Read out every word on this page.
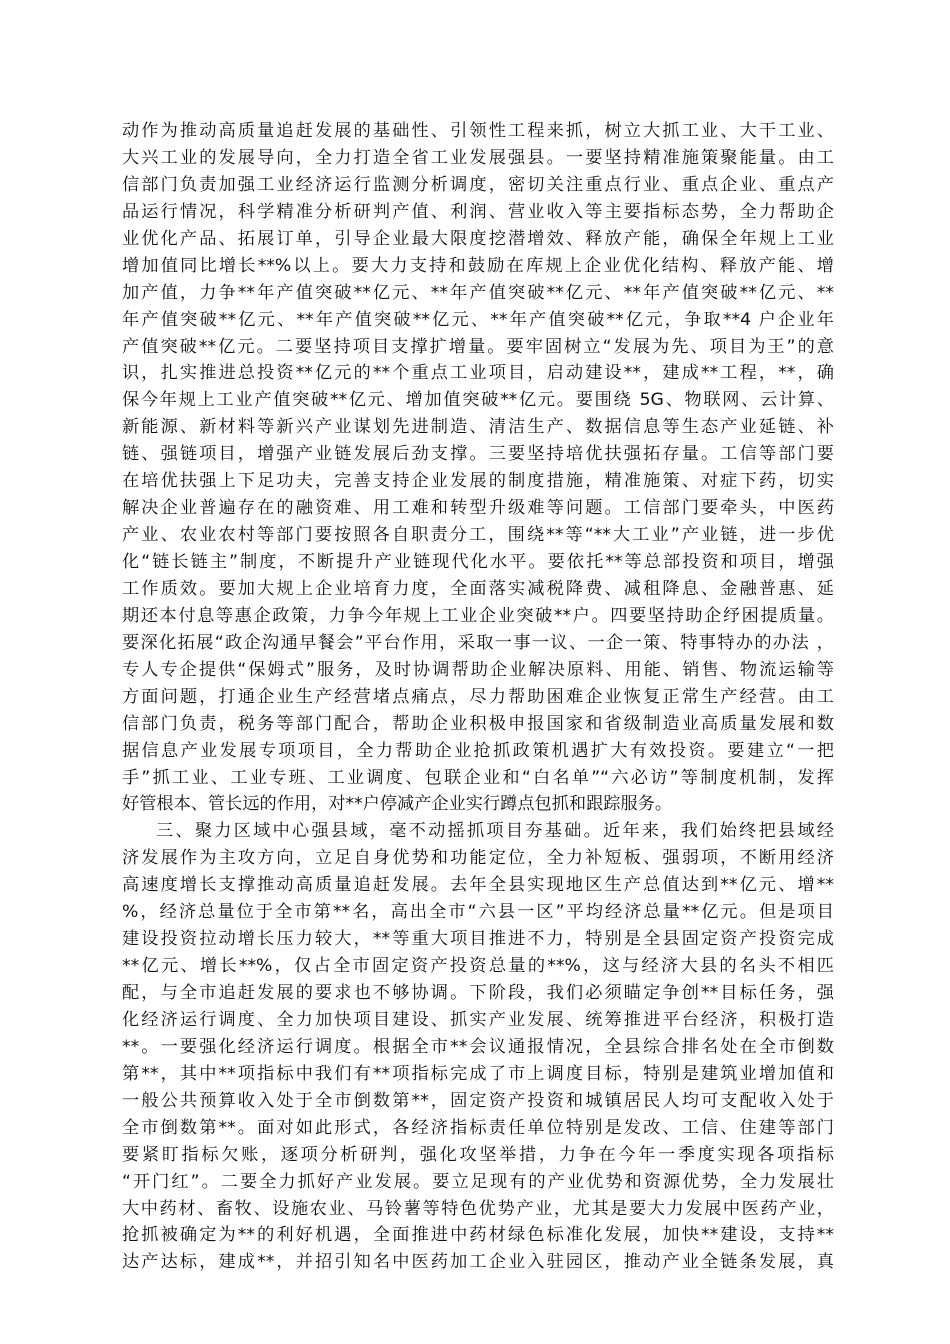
动作为推动高质量追赶发展的基础性、引领性工程来抓，树立大抓工业、大干工业、
大兴工业的发展导向，全力打造全省工业发展强县。一要坚持精准施策聚能量。由工
信部门负责加强工业经济运行监测分析调度，密切关注重点行业、重点企业、重点产
品运行情况，科学精准分析研判产值、利润、营业收入等主要指标态势，全力帮助企
业优化产品、拓展订单，引导企业最大限度挖潜增效、释放产能，确保全年规上工业
增加值同比增长**%以上。要大力支持和鼓励在库规上企业优化结构、释放产能、增
加产值，力争**年产值突破**亿元、**年产值突破**亿元、**年产值突破**亿元、**
年产值突破**亿元、**年产值突破**亿元、**年产值突破**亿元，争取**4 户企业年
产值突破**亿元。二要坚持项目支撑扩增量。要牢固树立“发展为先、项目为王”的意
识，扎实推进总投资**亿元的**个重点工业项目，启动建设**，建成**工程，**，确
保今年规上工业产值突破**亿元、增加值突破**亿元。要围绕 5G、物联网、云计算、
新能源、新材料等新兴产业谋划先进制造、清洁生产、数据信息等生态产业延链、补
链、强链项目，增强产业链发展后劲支撑。三要坚持培优扶强拓存量。工信等部门要
在培优扶强上下足功夫，完善支持企业发展的制度措施，精准施策、对症下药，切实
解决企业普遍存在的融资难、用工难和转型升级难等问题。工信部门要牵头，中医药
产业、农业农村等部门要按照各自职责分工，围绕**等“**大工业”产业链，进一步优
化“链长链主”制度，不断提升产业链现代化水平。要依托**等总部投资和项目，增强
工作质效。要加大规上企业培育力度，全面落实减税降费、减租降息、金融普惠、延
期还本付息等惠企政策，力争今年规上工业企业突破**户。四要坚持助企纾困提质量。
要深化拓展“政企沟通早餐会”平台作用，采取一事一议、一企一策、特事特办的办法 ，
专人专企提供“保姆式”服务，及时协调帮助企业解决原料、用能、销售、物流运输等
方面问题，打通企业生产经营堵点痛点，尽力帮助困难企业恢复正常生产经营。由工
信部门负责，税务等部门配合，帮助企业积极申报国家和省级制造业高质量发展和数
据信息产业发展专项项目，全力帮助企业抢抓政策机遇扩大有效投资。要建立“一把
手”抓工业、工业专班、工业调度、包联企业和“白名单”“六必访”等制度机制，发挥
好管根本、管长远的作用，对**户停减产企业实行蹲点包抓和跟踪服务。
三、聚力区域中心强县域，毫不动摇抓项目夯基础。近年来，我们始终把县域经
济发展作为主攻方向，立足自身优势和功能定位，全力补短板、强弱项，不断用经济
高速度增长支撑推动高质量追赶发展。去年全县实现地区生产总值达到**亿元、增**
%，经济总量位于全市第**名，高出全市“六县一区”平均经济总量**亿元。但是项目
建设投资拉动增长压力较大，**等重大项目推进不力，特别是全县固定资产投资完成
**亿元、增长**%，仅占全市固定资产投资总量的**%，这与经济大县的名头不相匹
配，与全市追赶发展的要求也不够协调。下阶段，我们必须瞄定争创**目标任务，强
化经济运行调度、全力加快项目建设、抓实产业发展、统筹推进平台经济，积极打造
**。一要强化经济运行调度。根据全市**会议通报情况，全县综合排名处在全市倒数
第**，其中**项指标中我们有**项指标完成了市上调度目标，特别是建筑业增加值和
一般公共预算收入处于全市倒数第**，固定资产投资和城镇居民人均可支配收入处于
全市倒数第**。面对如此形式，各经济指标责任单位特别是发改、工信、住建等部门
要紧盯指标欠账，逐项分析研判，强化攻坚举措，力争在今年一季度实现各项指标
“开门红”。二要全力抓好产业发展。要立足现有的产业优势和资源优势，全力发展壮
大中药材、畜牧、设施农业、马铃薯等特色优势产业，尤其是要大力发展中医药产业，
抢抓被确定为**的利好机遇，全面推进中药材绿色标准化发展，加快**建设，支持**
达产达标，建成**，并招引知名中医药加工企业入驻园区，推动产业全链条发展，真
